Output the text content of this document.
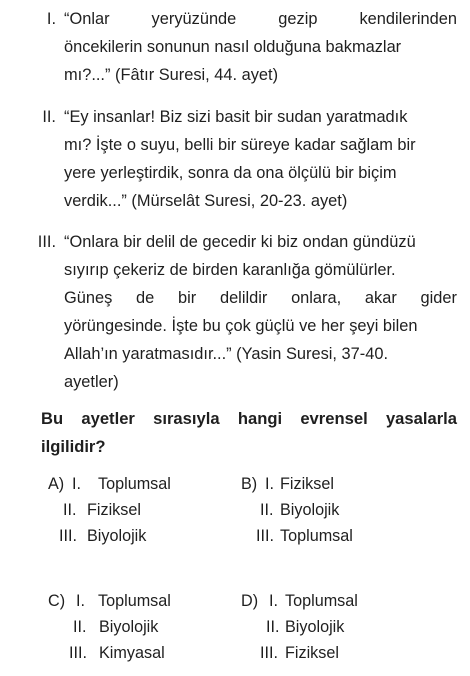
I. “Onlar	yeryüzünde	gezip	kendilerinden
öncekilerin sonunun nasıl olduğuna bakmazlar
mı?...” (Fâtır Suresi, 44. ayet)
II. “Ey insanlar! Biz sizi basit bir sudan yaratmadık
mı? İşte o suyu, belli bir süreye kadar sağlam bir
yere yerleştirdik, sonra da ona ölçülü bir biçim
verdik...” (Mürselât Suresi, 20-23. ayet)
III. “Onlara bir delil de gecedir ki biz ondan gündüzü
sıyırıp çekeriz de birden karanlığa gömülürler.
Güneş de bir delildir onlara, akar gider
yörüngesinde. İşte bu çok güçlü ve her şeyi bilen
Allah’ın yaratmasıdır...” (Yasin Suresi, 37-40.
ayetler)
Bu ayetler sırasıyla hangi evrensel yasalarla
ilgilidir?
A) I. Toplumsal
II. Fiziksel
III. Biyolojik
B) I. Fiziksel
II. Biyolojik
III. Toplumsal
C) I. Toplumsal
II. Biyolojik
III. Kimyasal
D) I. Toplumsal
II. Biyolojik
III. Fiziksel
